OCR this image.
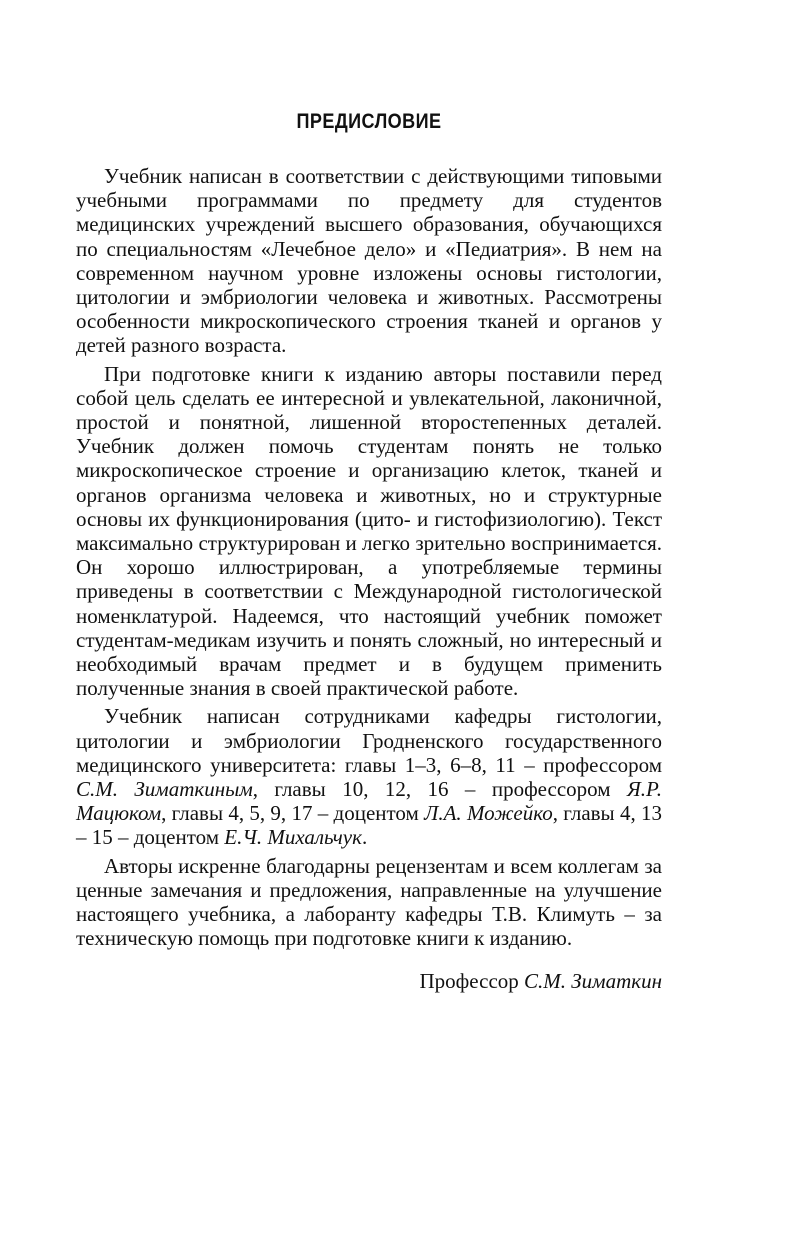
ПРЕДИСЛОВИЕ

Учебник написан в соответствии с действующими типовыми учебными программами по предмету для студентов медицинских учреждений высшего образования, обучающихся по специальностям «Лечебное дело» и «Педиатрия». В нем на современном научном уровне изложены основы гистологии, цитологии и эмбриологии человека и животных. Рассмотрены особенности микроскопического строения тканей и органов у детей разного возраста.

При подготовке книги к изданию авторы поставили перед собой цель сделать ее интересной и увлекательной, лаконичной, простой и понятной, лишенной второстепенных деталей. Учебник должен помочь студентам понять не только микроскопическое строение и организацию клеток, тканей и органов организма человека и животных, но и структурные основы их функционирования (цито- и гистофизиологию). Текст максимально структурирован и легко зрительно воспринимается. Он хорошо иллюстрирован, а употребляемые термины приведены в соответствии с Международной гистологической номенклатурой. Надеемся, что настоящий учебник поможет студентам-медикам изучить и понять сложный, но интересный и необходимый врачам предмет и в будущем применить полученные знания в своей практической работе.

Учебник написан сотрудниками кафедры гистологии, цитологии и эмбриологии Гродненского государственного медицинского университета: главы 1–3, 6–8, 11 – профессором С.М. Зиматкиным, главы 10, 12, 16 – профессором Я.Р. Мацюком, главы 4, 5, 9, 17 – доцентом Л.А. Можейко, главы 4, 13 – 15 – доцентом Е.Ч. Михальчук.

Авторы искренне благодарны рецензентам и всем коллегам за ценные замечания и предложения, направленные на улучшение настоящего учебника, а лаборанту кафедры Т.В. Климуть – за техническую помощь при подготовке книги к изданию.

Профессор С.М. Зиматкин
